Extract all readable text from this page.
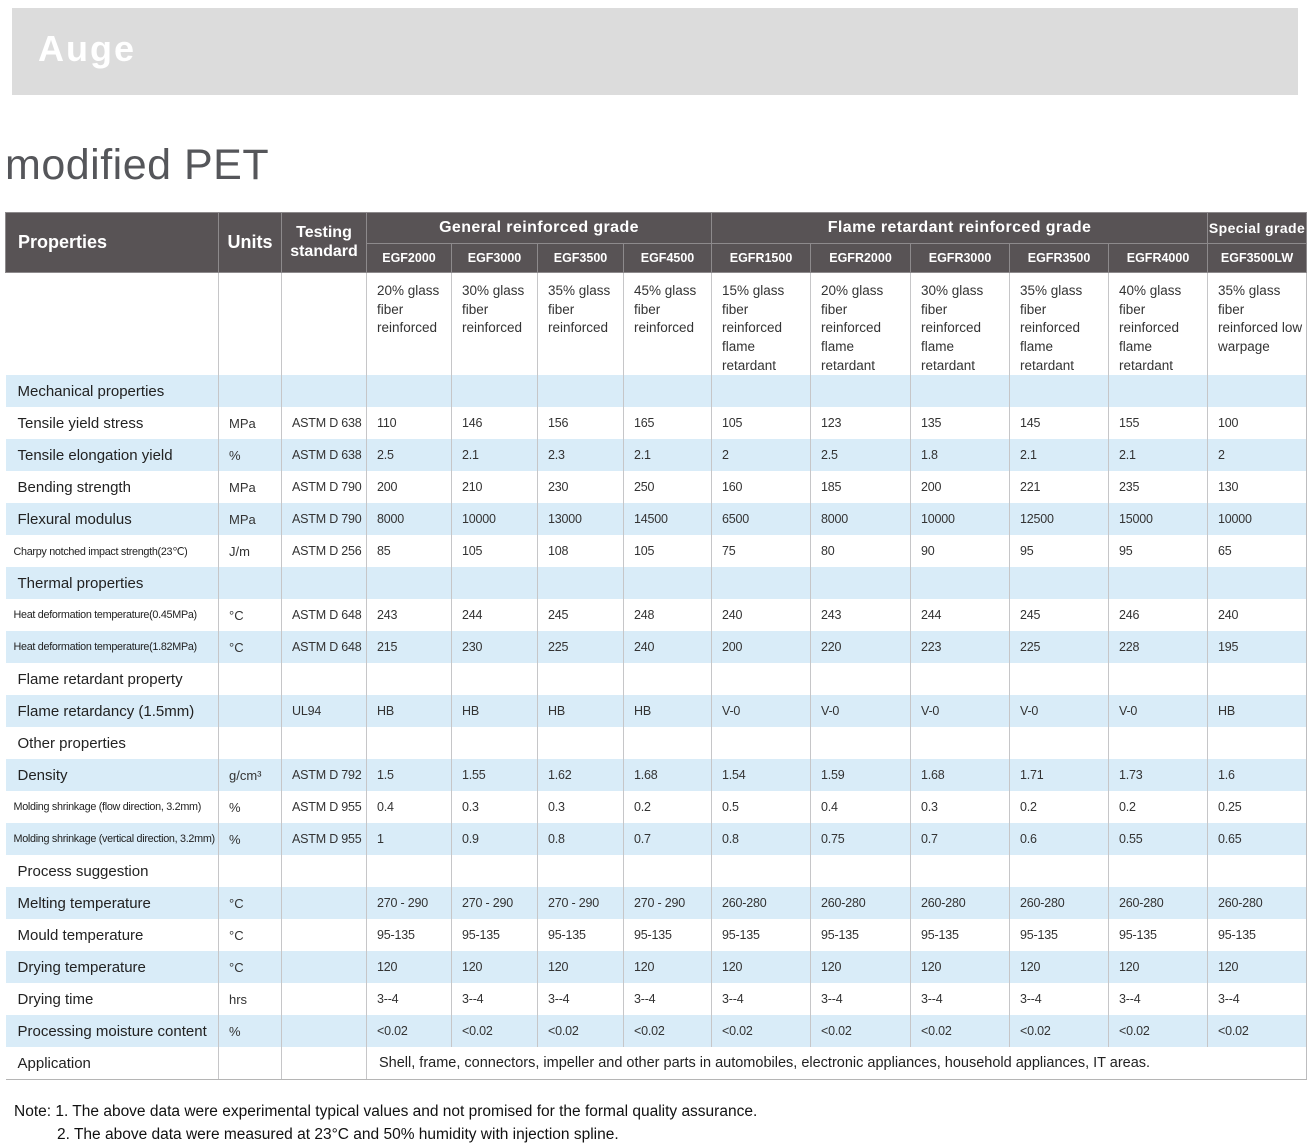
Auge
modified PET
Properties	Units	Testing standard	General reinforced grade				Flame retardant reinforced grade					Special grade
			EGF2000	EGF3000	EGF3500	EGF4500	EGFR1500	EGFR2000	EGFR3000	EGFR3500	EGFR4000	EGF3500LW
			20% glass fiber reinforced	30% glass fiber reinforced	35% glass fiber reinforced	45% glass fiber reinforced	15% glass fiber reinforced flame retardant	20% glass fiber reinforced flame retardant	30% glass fiber reinforced flame retardant	35% glass fiber reinforced flame retardant	40% glass fiber reinforced flame retardant	35% glass fiber reinforced low warpage
Mechanical properties												
Tensile yield stress	MPa	ASTM D 638	110	146	156	165	105	123	135	145	155	100
Tensile elongation yield	%	ASTM D 638	2.5	2.1	2.3	2.1	2	2.5	1.8	2.1	2.1	2
Bending strength	MPa	ASTM D 790	200	210	230	250	160	185	200	221	235	130
Flexural modulus	MPa	ASTM D 790	8000	10000	13000	14500	6500	8000	10000	12500	15000	10000
Charpy notched impact strength(23℃)	J/m	ASTM D 256	85	105	108	105	75	80	90	95	95	65
Thermal properties												
Heat deformation temperature(0.45MPa)	°C	ASTM D 648	243	244	245	248	240	243	244	245	246	240
Heat deformation temperature(1.82MPa)	°C	ASTM D 648	215	230	225	240	200	220	223	225	228	195
Flame retardant property												
Flame retardancy (1.5mm)		UL94	HB	HB	HB	HB	V-0	V-0	V-0	V-0	V-0	HB
Other properties												
Density	g/cm³	ASTM D 792	1.5	1.55	1.62	1.68	1.54	1.59	1.68	1.71	1.73	1.6
Molding shrinkage (flow direction, 3.2mm)	%	ASTM D 955	0.4	0.3	0.3	0.2	0.5	0.4	0.3	0.2	0.2	0.25
Molding shrinkage (vertical direction, 3.2mm)	%	ASTM D 955	1	0.9	0.8	0.7	0.8	0.75	0.7	0.6	0.55	0.65
Process suggestion												
Melting temperature	°C		270 - 290	270 - 290	270 - 290	270 - 290	260-280	260-280	260-280	260-280	260-280	260-280
Mould temperature	°C		95-135	95-135	95-135	95-135	95-135	95-135	95-135	95-135	95-135	95-135
Drying temperature	°C		120	120	120	120	120	120	120	120	120	120
Drying time	hrs		3--4	3--4	3--4	3--4	3--4	3--4	3--4	3--4	3--4	3--4
Processing moisture content	%		<0.02	<0.02	<0.02	<0.02	<0.02	<0.02	<0.02	<0.02	<0.02	<0.02
Application			Shell, frame, connectors, impeller and other parts in automobiles, electronic appliances, household appliances, IT areas.									
Note: 1. The above data were experimental typical values and not promised for the formal quality assurance.
2. The above data were measured at 23°C and 50% humidity with injection spline.
